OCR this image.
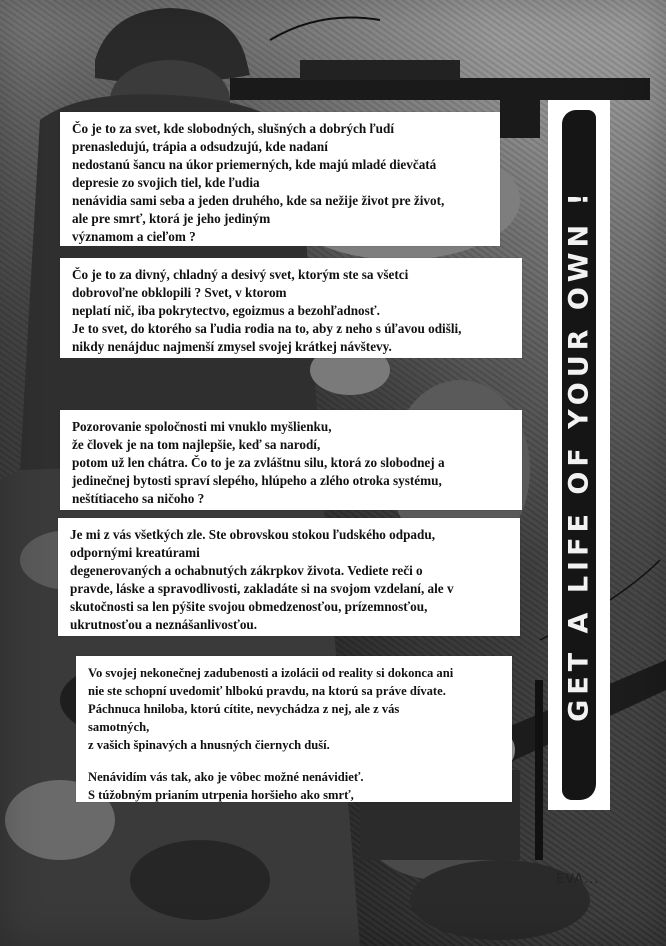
Čo je to za svet, kde slobodných, slušných a dobrých ľudí
prenasledujú, trápia a odsudzujú, kde nadaní
nedostanú šancu na úkor priemerných, kde majú mladé dievčatá
depresie zo svojich tiel, kde ľudia
nenávidia sami seba a jeden druhého, kde sa nežije život pre život,
ale pre smrť, ktorá je jeho jediným
významom a cieľom ?
Čo je to za divný, chladný a desivý svet, ktorým ste sa všetci
dobrovoľne obklopili ? Svet, v ktorom
neplatí nič, iba pokrytectvo, egoizmus a bezohľadnosť.
Je to svet, do ktorého sa ľudia rodia na to, aby z neho s úľavou odišli,
nikdy nenájduc najmenší zmysel svojej krátkej návštevy.
Pozorovanie spoločnosti mi vnuklo myšlienku,
že človek je na tom najlepšie, keď sa narodí,
potom už len chátra. Čo to je za zvláštnu silu, ktorá zo slobodnej a
jedinečnej bytosti spraví slepého, hlúpeho a zlého otroka systému,
neštítiaceho sa ničoho ?
Je mi z vás všetkých zle. Ste obrovskou stokou ľudského odpadu,
odpornými kreatúrami
degenerovaných a ochabnutých zákrpkov života. Vediete reči o
pravde, láske a spravodlivosti, zakladáte si na svojom vzdelaní, ale v
skutočnosti sa len pýšite svojou obmedzenosťou, prízemnosťou,
ukrutnosťou a neznášanlivosťou.
Vo svojej nekonečnej zadubenosti a izolácii od reality si dokonca ani
nie ste schopní uvedomiť hlbokú pravdu, na ktorú sa práve dívate.
Páchnuca hniloba, ktorú cítite, nevychádza z nej, ale z vás
samotných,
z vašich špinavých a hnusných čiernych duší.
Nenávidím vás tak, ako je vôbec možné nenávidieť.
S túžobným prianím utrpenia horšieho ako smrť,
GET A LIFE OF YOUR OWN !
EVA...
